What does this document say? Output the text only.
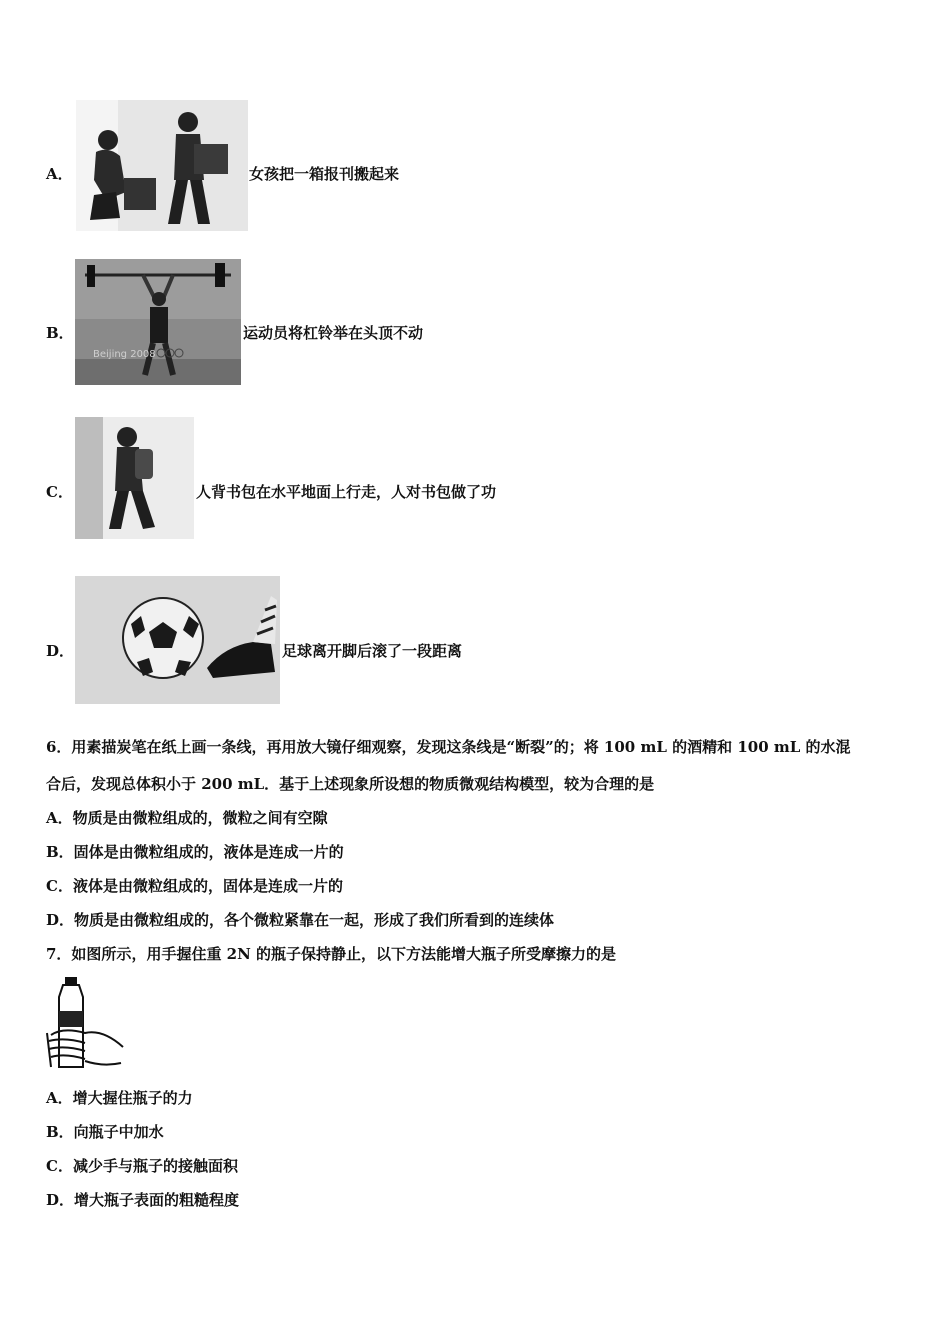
A．	女孩把一箱报刊搬起来
B．
Beijing 2008
运动员将杠铃举在头顶不动
C．	人背书包在水平地面上行走，人对书包做了功
D．	足球离开脚后滚了一段距离
6．用素描炭笔在纸上画一条线，再用放大镜仔细观察，发现这条线是“断裂”的；将 100 mL 的酒精和 100 mL 的水混
合后，发现总体积小于 200 mL．基于上述现象所设想的物质微观结构模型，较为合理的是
A．物质是由微粒组成的，微粒之间有空隙
B．固体是由微粒组成的，液体是连成一片的
C．液体是由微粒组成的，固体是连成一片的
D．物质是由微粒组成的，各个微粒紧靠在一起，形成了我们所看到的连续体
7．如图所示，用手握住重 2N 的瓶子保持静止，以下方法能增大瓶子所受摩擦力的是
A．增大握住瓶子的力
B．向瓶子中加水
C．减少手与瓶子的接触面积
D．增大瓶子表面的粗糙程度
